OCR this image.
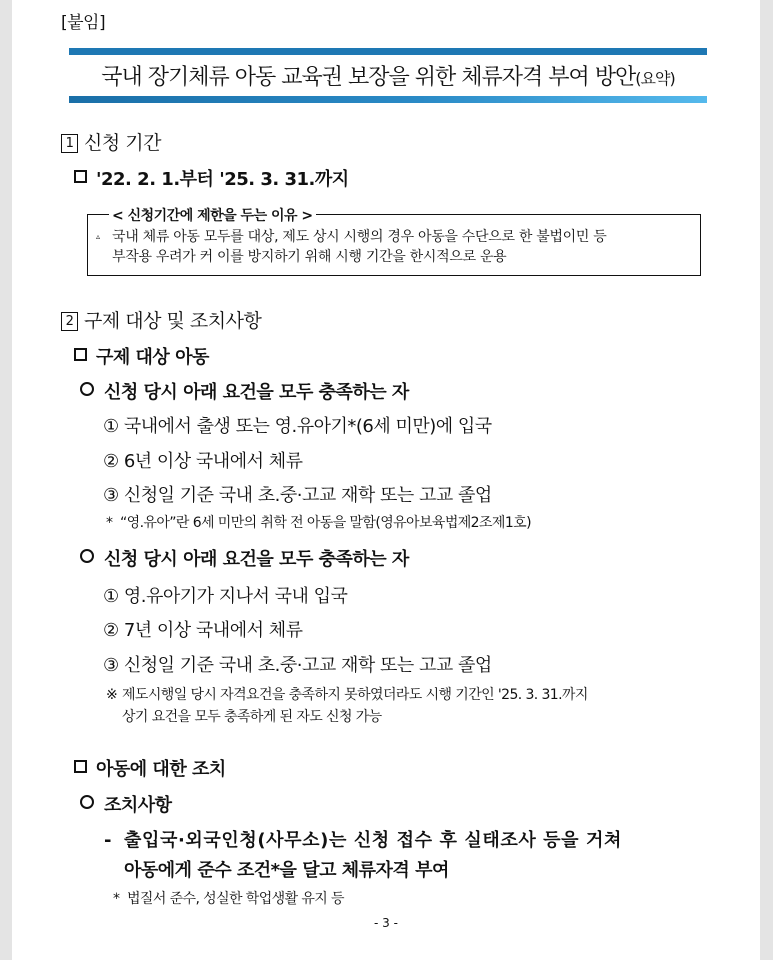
[붙임]
국내 장기체류 아동 교육권 보장을 위한 체류자격 부여 방안(요약)
1 신청 기간
'22. 2. 1.부터 '25. 3. 31.까지
▵ 국내 체류 아동 모두를 대상, 제도 상시 시행의 경우 아동을 수단으로 한 불법이민 등
부작용 우려가 커 이를 방지하기 위해 시행 기간을 한시적으로 운용
< 신청기간에 제한을 두는 이유 >
2 구제 대상 및 조치사항
구제 대상 아동
신청 당시 아래 요건을 모두 충족하는 자
① 국내에서 출생 또는 영.유아기*(6세 미만)에 입국
② 6년 이상 국내에서 체류
③ 신청일 기준 국내 초.중·고교 재학 또는 고교 졸업
* “영.유아”란 6세 미만의 취학 전 아동을 말함(영유아보육법제2조제1호)
신청 당시 아래 요건을 모두 충족하는 자
① 영.유아기가 지나서 국내 입국
② 7년 이상 국내에서 체류
③ 신청일 기준 국내 초.중·고교 재학 또는 고교 졸업
※ 제도시행일 당시 자격요건을 충족하지 못하였더라도 시행 기간인 '25. 3. 31.까지
상기 요건을 모두 충족하게 된 자도 신청 가능
아동에 대한 조치
조치사항
- 출입국·외국인청(사무소)는 신청 접수 후 실태조사 등을 거쳐
아동에게 준수 조건*을 달고 체류자격 부여
* 법질서 준수, 성실한 학업생활 유지 등
- 3 -
